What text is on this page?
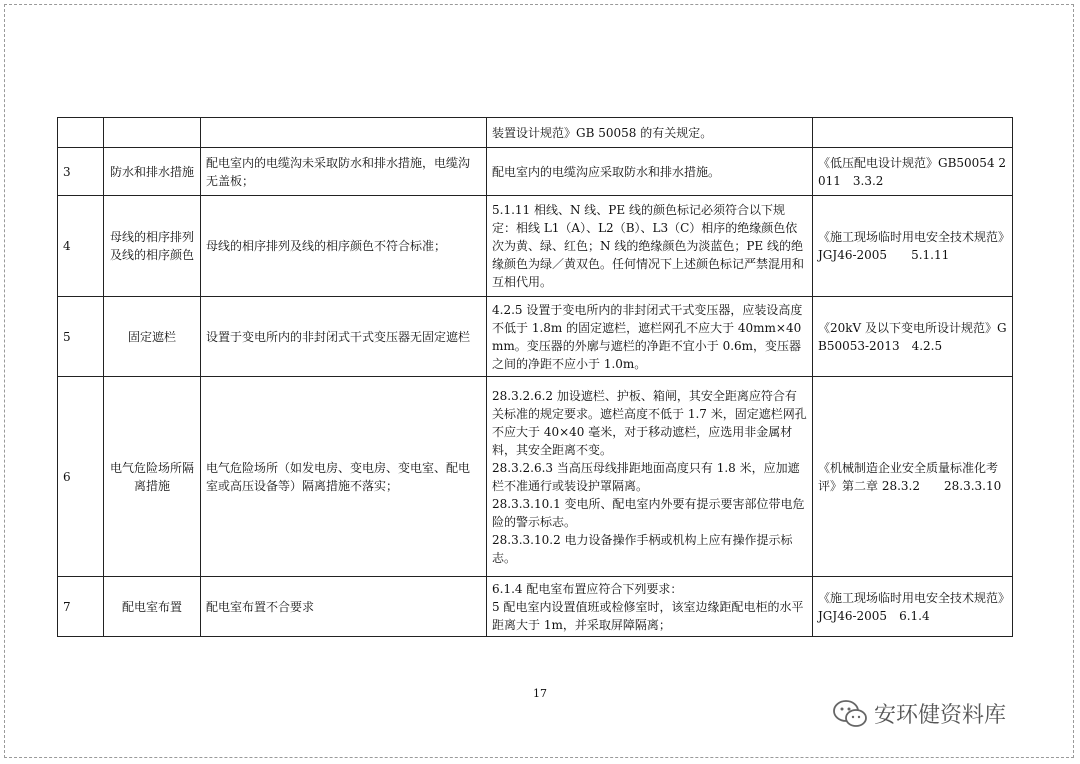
			装置设计规范》GB 50058 的有关规定。	
3	防水和排水措施	配电室内的电缆沟未采取防水和排水措施，电缆沟无盖板；	配电室内的电缆沟应采取防水和排水措施。	《低压配电设计规范》GB50054 2011　3.3.2
4	母线的相序排列及线的相序颜色	母线的相序排列及线的相序颜色不符合标准；	5.1.11 相线、N 线、PE 线的颜色标记必须符合以下规定：相线 L1（A）、L2（B）、L3（C）相序的绝缘颜色依次为黄、绿、红色；N 线的绝缘颜色为淡蓝色；PE 线的绝缘颜色为绿／黄双色。任何情况下上述颜色标记严禁混用和互相代用。	《施工现场临时用电安全技术规范》JGJ46-2005　　5.1.11
5	固定遮栏	设置于变电所内的非封闭式干式变压器无固定遮栏	4.2.5 设置于变电所内的非封闭式干式变压器，应装设高度不低于 1.8m 的固定遮栏，遮栏网孔不应大于 40mm×40mm。变压器的外廓与遮栏的净距不宜小于 0.6m，变压器之间的净距不应小于 1.0m。	《20kV 及以下变电所设计规范》GB50053-2013　4.2.5
6	电气危险场所隔离措施	电气危险场所（如发电房、变电房、变电室、配电室或高压设备等）隔离措施不落实；	28.3.2.6.2 加设遮栏、护板、箱闸，其安全距离应符合有关标准的规定要求。遮栏高度不低于 1.7 米，固定遮栏网孔不应大于 40×40 毫米，对于移动遮栏，应选用非金属材料，其安全距离不变。
28.3.2.6.3 当高压母线排距地面高度只有 1.8 米，应加遮栏不准通行或装设护罩隔离。
28.3.3.10.1 变电所、配电室内外要有提示要害部位带电危险的警示标志。
28.3.3.10.2 电力设备操作手柄或机构上应有操作提示标志。	《机械制造企业安全质量标准化考评》第二章 28.3.2　　28.3.3.10
7	配电室布置	配电室布置不合要求	6.1.4 配电室布置应符合下列要求：
5 配电室内设置值班或检修室时，该室边缘距配电柜的水平距离大于 1m，并采取屏障隔离；	《施工现场临时用电安全技术规范》JGJ46-2005　6.1.4
17
安环健资料库
